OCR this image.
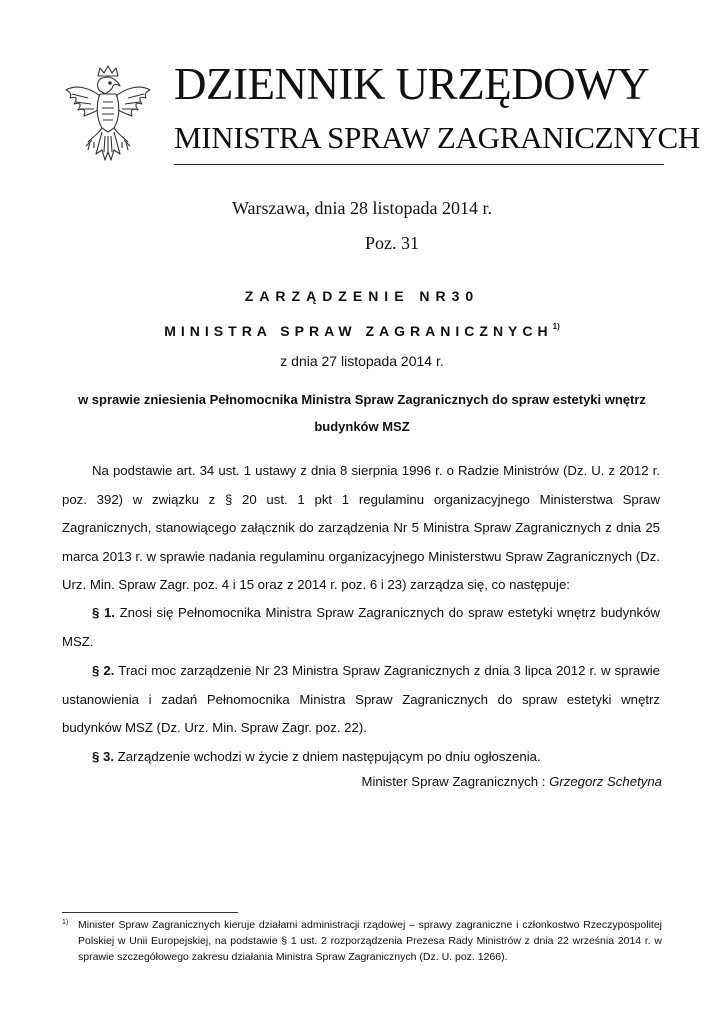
DZIENNIK URZĘDOWY
MINISTRA SPRAW ZAGRANICZNYCH
Warszawa, dnia 28 listopada 2014 r.
Poz. 31
ZARZĄDZENIE NR30
MINISTRA SPRAW ZAGRANICZNYCH$^{1)}$
z dnia 27 listopada 2014 r.
w sprawie zniesienia Pełnomocnika Ministra Spraw Zagranicznych do spraw estetyki wnętrz budynków MSZ
Na podstawie art. 34 ust. 1 ustawy z dnia 8 sierpnia 1996 r. o Radzie Ministrów (Dz. U. z 2012 r. poz. 392) w związku z § 20 ust. 1 pkt 1 regulaminu organizacyjnego Ministerstwa Spraw Zagranicznych, stanowiącego załącznik do zarządzenia Nr 5 Ministra Spraw Zagranicznych z dnia 25 marca 2013 r. w sprawie nadania regulaminu organizacyjnego Ministerstwu Spraw Zagranicznych (Dz. Urz. Min. Spraw Zagr. poz. 4 i 15 oraz z 2014 r. poz. 6 i 23) zarządza się, co następuje:
§ 1. Znosi się Pełnomocnika Ministra Spraw Zagranicznych do spraw estetyki wnętrz budynków MSZ.
§ 2. Traci moc zarządzenie Nr 23 Ministra Spraw Zagranicznych z dnia 3 lipca 2012 r. w sprawie ustanowienia i zadań Pełnomocnika Ministra Spraw Zagranicznych do spraw estetyki wnętrz budynków MSZ (Dz. Urz. Min. Spraw Zagr. poz. 22).
§ 3. Zarządzenie wchodzi w życie z dniem następującym po dniu ogłoszenia.
Minister Spraw Zagranicznych : Grzegorz Schetyna
1) Minister Spraw Zagranicznych kieruje działami administracji rządowej – sprawy zagraniczne i członkostwo Rzeczypospolitej Polskiej w Unii Europejskiej, na podstawie § 1 ust. 2 rozporządzenia Prezesa Rady Ministrów z dnia 22 września 2014 r. w sprawie szczegółowego zakresu działania Ministra Spraw Zagranicznych (Dz. U. poz. 1266).
